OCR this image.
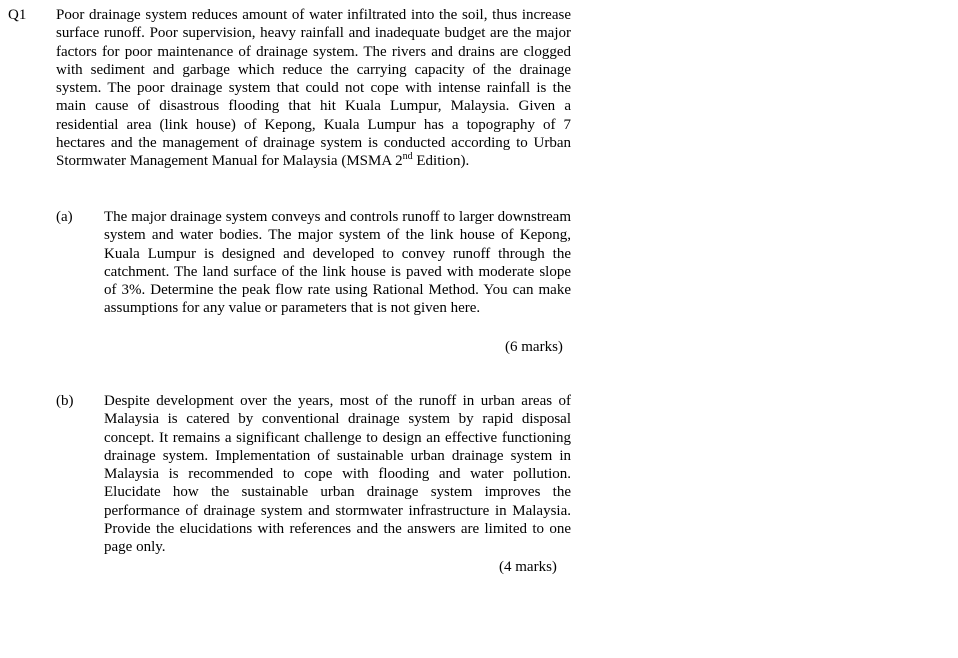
Q1 Poor drainage system reduces amount of water infiltrated into the soil, thus increase surface runoff. Poor supervision, heavy rainfall and inadequate budget are the major factors for poor maintenance of drainage system. The rivers and drains are clogged with sediment and garbage which reduce the carrying capacity of the drainage system. The poor drainage system that could not cope with intense rainfall is the main cause of disastrous flooding that hit Kuala Lumpur, Malaysia. Given a residential area (link house) of Kepong, Kuala Lumpur has a topography of 7 hectares and the management of drainage system is conducted according to Urban Stormwater Management Manual for Malaysia (MSMA 2nd Edition).
(a) The major drainage system conveys and controls runoff to larger downstream system and water bodies. The major system of the link house of Kepong, Kuala Lumpur is designed and developed to convey runoff through the catchment. The land surface of the link house is paved with moderate slope of 3%. Determine the peak flow rate using Rational Method. You can make assumptions for any value or parameters that is not given here.
(6 marks)
(b) Despite development over the years, most of the runoff in urban areas of Malaysia is catered by conventional drainage system by rapid disposal concept. It remains a significant challenge to design an effective functioning drainage system. Implementation of sustainable urban drainage system in Malaysia is recommended to cope with flooding and water pollution. Elucidate how the sustainable urban drainage system improves the performance of drainage system and stormwater infrastructure in Malaysia. Provide the elucidations with references and the answers are limited to one page only.
(4 marks)
